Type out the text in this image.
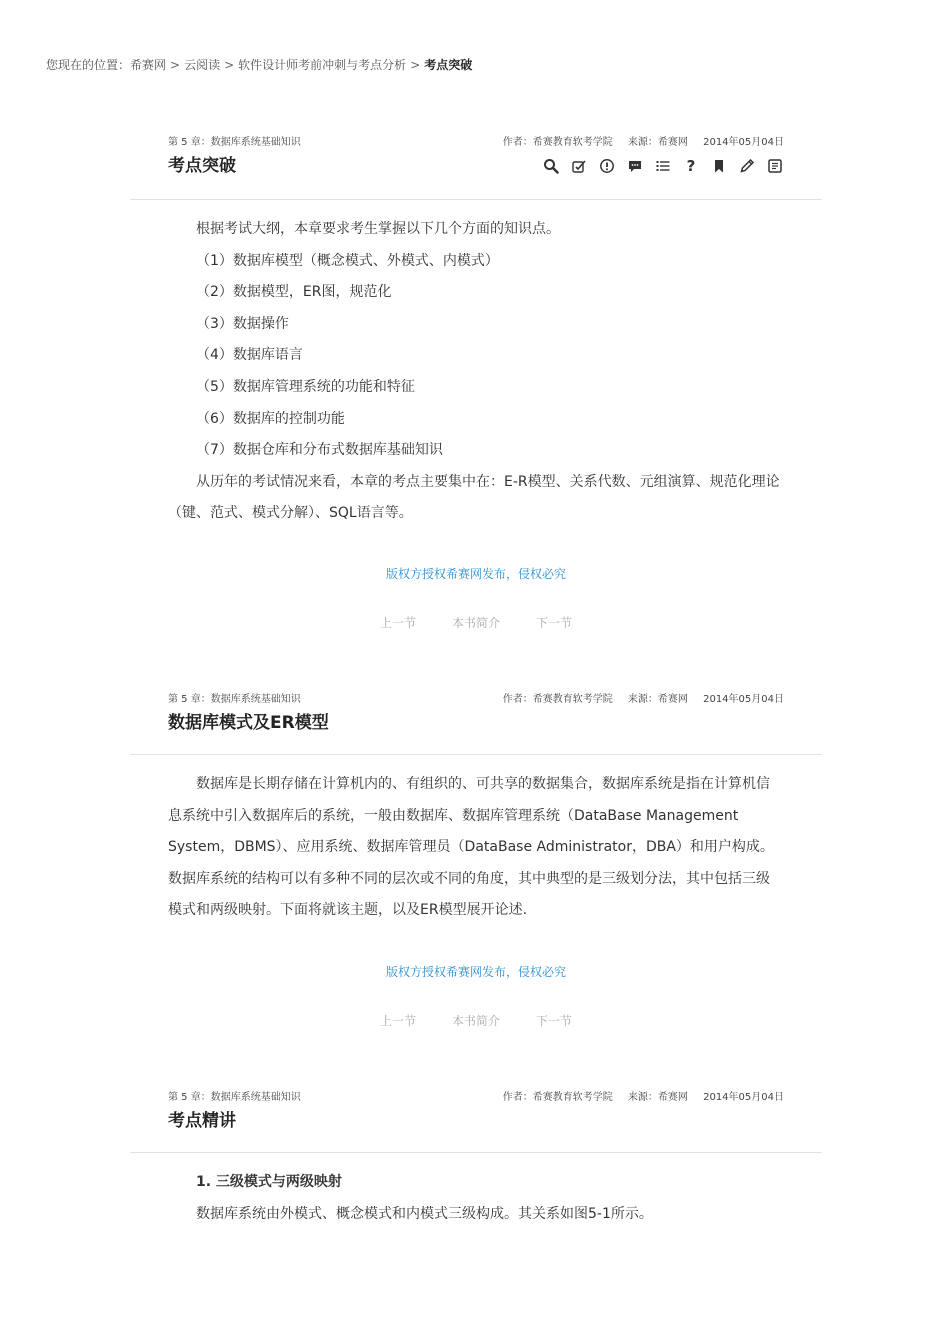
您现在的位置：希赛网 > 云阅读 > 软件设计师考前冲刺与考点分析 > 考点突破
第 5 章：数据库系统基础知识	作者：希赛教育软考学院 来源：希赛网 2014年05月04日
考点突破	?

根据考试大纲，本章要求考生掌握以下几个方面的知识点。

（1）数据库模型（概念模式、外模式、内模式）

（2）数据模型，ER图，规范化

（3）数据操作

（4）数据库语言

（5）数据库管理系统的功能和特征

（6）数据库的控制功能

（7）数据仓库和分布式数据库基础知识

从历年的考试情况来看，本章的考点主要集中在：E-R模型、关系代数、元组演算、规范化理论（键、范式、模式分解）、SQL语言等。

版权方授权希赛网发布，侵权必究
上一节	本书简介	下一节
第 5 章：数据库系统基础知识	作者：希赛教育软考学院 来源：希赛网 2014年05月04日
数据库模式及ER模型

数据库是长期存储在计算机内的、有组织的、可共享的数据集合，数据库系统是指在计算机信息系统中引入数据库后的系统，一般由数据库、数据库管理系统（DataBase Management System，DBMS）、应用系统、数据库管理员（DataBase Administrator，DBA）和用户构成。数据库系统的结构可以有多种不同的层次或不同的角度，其中典型的是三级划分法，其中包括三级模式和两级映射。下面将就该主题，以及ER模型展开论述.

版权方授权希赛网发布，侵权必究
上一节	本书简介	下一节
第 5 章：数据库系统基础知识	作者：希赛教育软考学院 来源：希赛网 2014年05月04日
考点精讲

1. 三级模式与两级映射

数据库系统由外模式、概念模式和内模式三级构成。其关系如图5-1所示。
